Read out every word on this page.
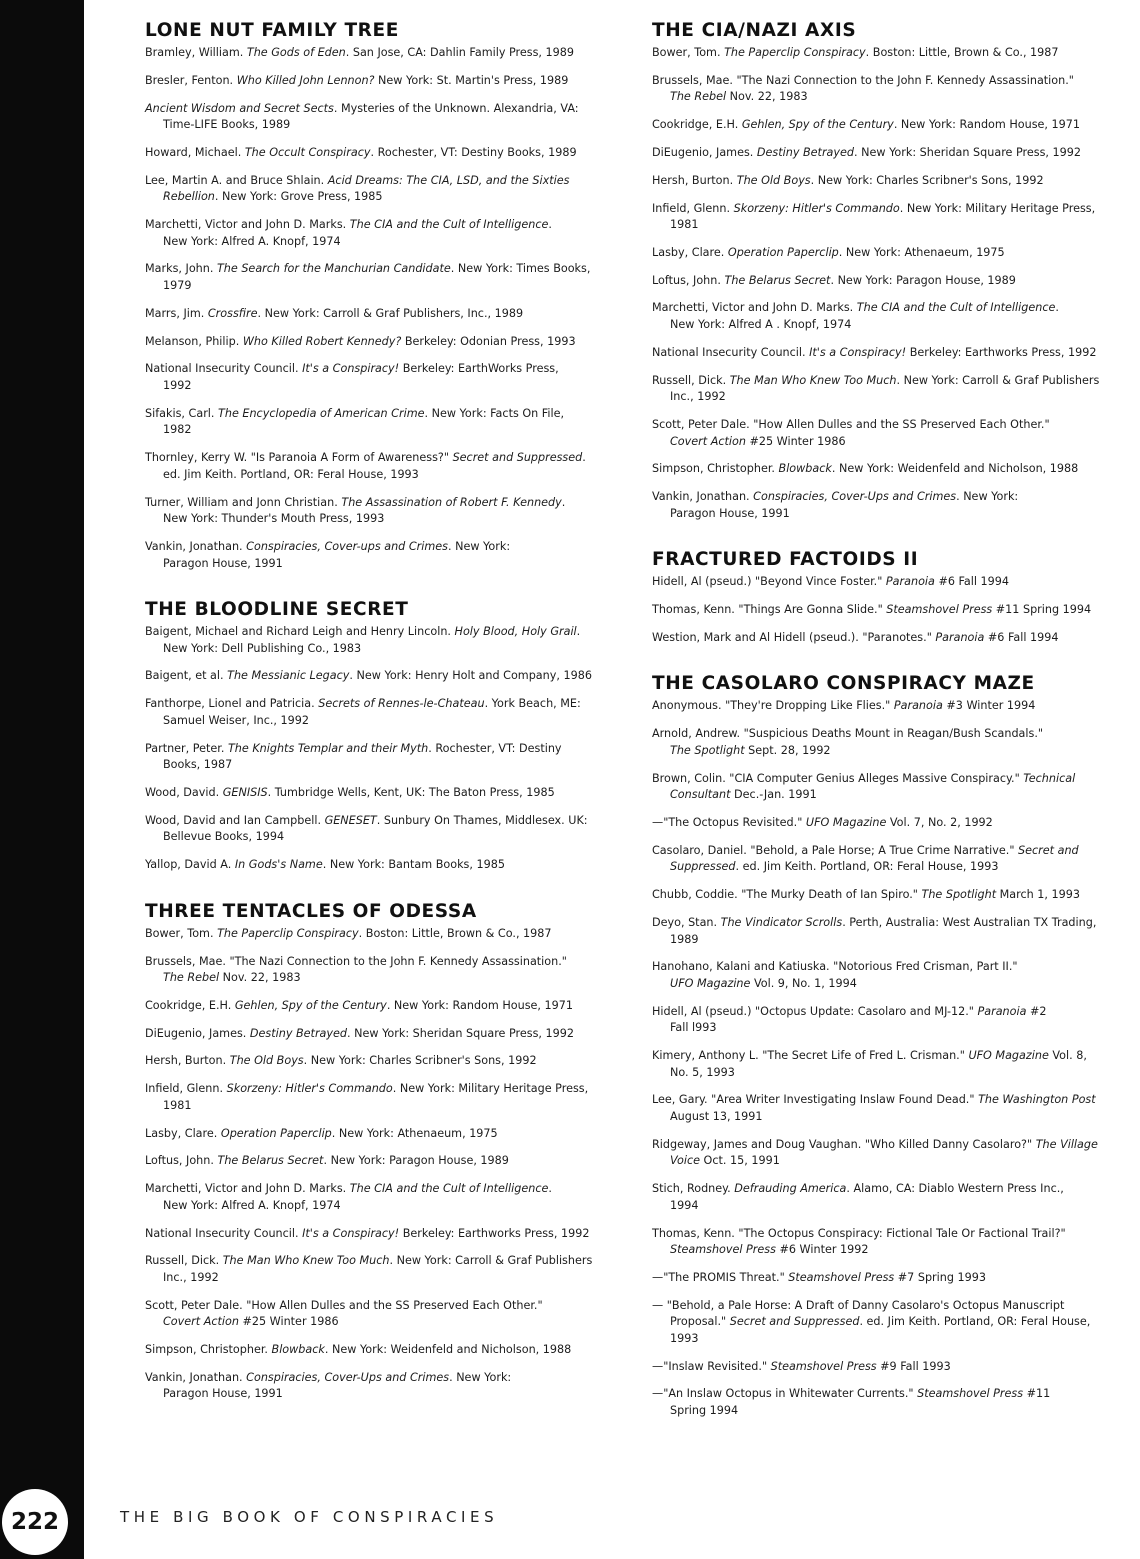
LONE NUT FAMILY TREE

Bramley, William. The Gods of Eden. San Jose, CA: Dahlin Family Press, 1989

Bresler, Fenton. Who Killed John Lennon? New York: St. Martin's Press, 1989

Ancient Wisdom and Secret Sects. Mysteries of the Unknown. Alexandria, VA:
Time-LIFE Books, 1989

Howard, Michael. The Occult Conspiracy. Rochester, VT: Destiny Books, 1989

Lee, Martin A. and Bruce Shlain. Acid Dreams: The CIA, LSD, and the Sixties
Rebellion. New York: Grove Press, 1985

Marchetti, Victor and John D. Marks. The CIA and the Cult of Intelligence.
New York: Alfred A. Knopf, 1974

Marks, John. The Search for the Manchurian Candidate. New York: Times Books,
1979

Marrs, Jim. Crossfire. New York: Carroll & Graf Publishers, Inc., 1989

Melanson, Philip. Who Killed Robert Kennedy? Berkeley: Odonian Press, 1993

National Insecurity Council. It's a Conspiracy! Berkeley: EarthWorks Press,
1992

Sifakis, Carl. The Encyclopedia of American Crime. New York: Facts On File,
1982

Thornley, Kerry W. "Is Paranoia A Form of Awareness?" Secret and Suppressed.
ed. Jim Keith. Portland, OR: Feral House, 1993

Turner, William and Jonn Christian. The Assassination of Robert F. Kennedy.
New York: Thunder's Mouth Press, 1993

Vankin, Jonathan. Conspiracies, Cover-ups and Crimes. New York:
Paragon House, 1991

THE BLOODLINE SECRET

Baigent, Michael and Richard Leigh and Henry Lincoln. Holy Blood, Holy Grail.
New York: Dell Publishing Co., 1983

Baigent, et al. The Messianic Legacy. New York: Henry Holt and Company, 1986

Fanthorpe, Lionel and Patricia. Secrets of Rennes-le-Chateau. York Beach, ME:
Samuel Weiser, Inc., 1992

Partner, Peter. The Knights Templar and their Myth. Rochester, VT: Destiny
Books, 1987

Wood, David. GENISIS. Tumbridge Wells, Kent, UK: The Baton Press, 1985

Wood, David and Ian Campbell. GENESET. Sunbury On Thames, Middlesex. UK:
Bellevue Books, 1994

Yallop, David A. In Gods's Name. New York: Bantam Books, 1985

THREE TENTACLES OF ODESSA

Bower, Tom. The Paperclip Conspiracy. Boston: Little, Brown & Co., 1987

Brussels, Mae. "The Nazi Connection to the John F. Kennedy Assassination."
The Rebel Nov. 22, 1983

Cookridge, E.H. Gehlen, Spy of the Century. New York: Random House, 1971

DiEugenio, James. Destiny Betrayed. New York: Sheridan Square Press, 1992

Hersh, Burton. The Old Boys. New York: Charles Scribner's Sons, 1992

Infield, Glenn. Skorzeny: Hitler's Commando. New York: Military Heritage Press,
1981

Lasby, Clare. Operation Paperclip. New York: Athenaeum, 1975

Loftus, John. The Belarus Secret. New York: Paragon House, 1989

Marchetti, Victor and John D. Marks. The CIA and the Cult of Intelligence.
New York: Alfred A. Knopf, 1974

National Insecurity Council. It's a Conspiracy! Berkeley: Earthworks Press, 1992

Russell, Dick. The Man Who Knew Too Much. New York: Carroll & Graf Publishers
Inc., 1992

Scott, Peter Dale. "How Allen Dulles and the SS Preserved Each Other."
Covert Action #25 Winter 1986

Simpson, Christopher. Blowback. New York: Weidenfeld and Nicholson, 1988

Vankin, Jonathan. Conspiracies, Cover-Ups and Crimes. New York:
Paragon House, 1991

THE CIA/NAZI AXIS

Bower, Tom. The Paperclip Conspiracy. Boston: Little, Brown & Co., 1987

Brussels, Mae. "The Nazi Connection to the John F. Kennedy Assassination."
The Rebel Nov. 22, 1983

Cookridge, E.H. Gehlen, Spy of the Century. New York: Random House, 1971

DiEugenio, James. Destiny Betrayed. New York: Sheridan Square Press, 1992

Hersh, Burton. The Old Boys. New York: Charles Scribner's Sons, 1992

Infield, Glenn. Skorzeny: Hitler's Commando. New York: Military Heritage Press,
1981

Lasby, Clare. Operation Paperclip. New York: Athenaeum, 1975

Loftus, John. The Belarus Secret. New York: Paragon House, 1989

Marchetti, Victor and John D. Marks. The CIA and the Cult of Intelligence.
New York: Alfred A . Knopf, 1974

National Insecurity Council. It's a Conspiracy! Berkeley: Earthworks Press, 1992

Russell, Dick. The Man Who Knew Too Much. New York: Carroll & Graf Publishers
Inc., 1992

Scott, Peter Dale. "How Allen Dulles and the SS Preserved Each Other."
Covert Action #25 Winter 1986

Simpson, Christopher. Blowback. New York: Weidenfeld and Nicholson, 1988

Vankin, Jonathan. Conspiracies, Cover-Ups and Crimes. New York:
Paragon House, 1991

FRACTURED FACTOIDS II

Hidell, Al (pseud.) "Beyond Vince Foster." Paranoia #6 Fall 1994

Thomas, Kenn. "Things Are Gonna Slide." Steamshovel Press #11 Spring 1994

Westion, Mark and Al Hidell (pseud.). "Paranotes." Paranoia #6 Fall 1994

THE CASOLARO CONSPIRACY MAZE

Anonymous. "They're Dropping Like Flies." Paranoia #3 Winter 1994

Arnold, Andrew. "Suspicious Deaths Mount in Reagan/Bush Scandals."
The Spotlight Sept. 28, 1992

Brown, Colin. "CIA Computer Genius Alleges Massive Conspiracy." Technical
Consultant Dec.-Jan. 1991

—"The Octopus Revisited." UFO Magazine Vol. 7, No. 2, 1992

Casolaro, Daniel. "Behold, a Pale Horse; A True Crime Narrative." Secret and
Suppressed. ed. Jim Keith. Portland, OR: Feral House, 1993

Chubb, Coddie. "The Murky Death of Ian Spiro." The Spotlight March 1, 1993

Deyo, Stan. The Vindicator Scrolls. Perth, Australia: West Australian TX Trading,
1989

Hanohano, Kalani and Katiuska. "Notorious Fred Crisman, Part II."
UFO Magazine Vol. 9, No. 1, 1994

Hidell, Al (pseud.) "Octopus Update: Casolaro and MJ-12." Paranoia #2
Fall l993

Kimery, Anthony L. "The Secret Life of Fred L. Crisman." UFO Magazine Vol. 8,
No. 5, 1993

Lee, Gary. "Area Writer Investigating Inslaw Found Dead." The Washington Post
August 13, 1991

Ridgeway, James and Doug Vaughan. "Who Killed Danny Casolaro?" The Village
Voice Oct. 15, 1991

Stich, Rodney. Defrauding America. Alamo, CA: Diablo Western Press Inc.,
1994

Thomas, Kenn. "The Octopus Conspiracy: Fictional Tale Or Factional Trail?"
Steamshovel Press #6 Winter 1992

—"The PROMIS Threat." Steamshovel Press #7 Spring 1993

— "Behold, a Pale Horse: A Draft of Danny Casolaro's Octopus Manuscript
Proposal." Secret and Suppressed. ed. Jim Keith. Portland, OR: Feral House,
1993

—"Inslaw Revisited." Steamshovel Press #9 Fall 1993

—"An Inslaw Octopus in Whitewater Currents." Steamshovel Press #11
Spring 1994

222	THE BIG BOOK OF CONSPIRACIES
